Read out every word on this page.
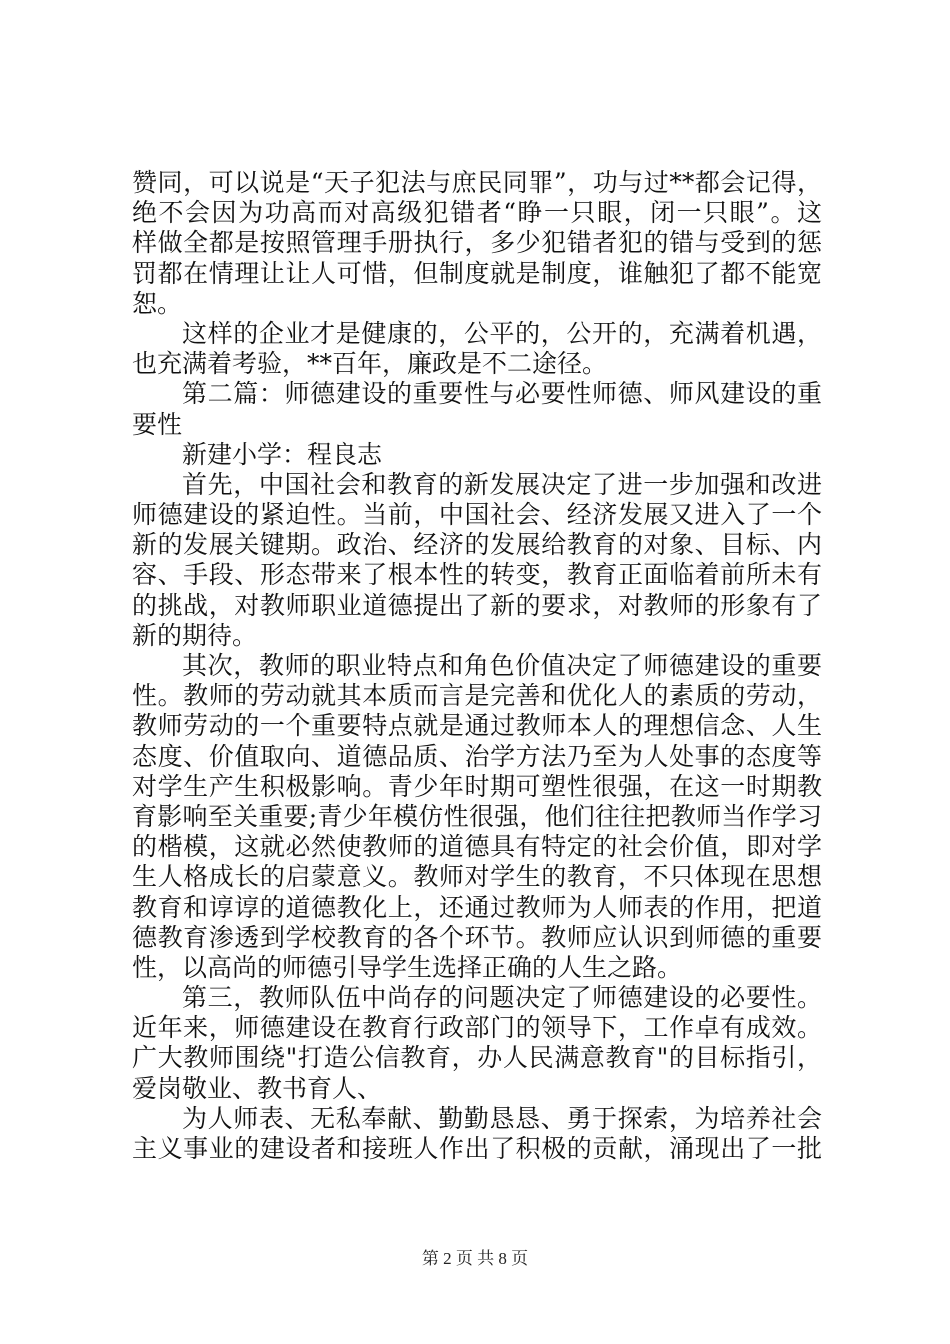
赞同，可以说是“天子犯法与庶民同罪”，功与过**都会记得，
绝不会因为功高而对高级犯错者“睁一只眼，闭一只眼”。这
样做全都是按照管理手册执行，多少犯错者犯的错与受到的惩
罚都在情理让让人可惜，但制度就是制度，谁触犯了都不能宽
恕。
这样的企业才是健康的，公平的，公开的，充满着机遇，
也充满着考验，**百年，廉政是不二途径。
第二篇：师德建设的重要性与必要性师德、师风建设的重
要性
新建小学：程良志
首先，中国社会和教育的新发展决定了进一步加强和改进
师德建设的紧迫性。当前，中国社会、经济发展又进入了一个
新的发展关键期。政治、经济的发展给教育的对象、目标、内
容、手段、形态带来了根本性的转变，教育正面临着前所未有
的挑战，对教师职业道德提出了新的要求，对教师的形象有了
新的期待。
其次，教师的职业特点和角色价值决定了师德建设的重要
性。教师的劳动就其本质而言是完善和优化人的素质的劳动，
教师劳动的一个重要特点就是通过教师本人的理想信念、人生
态度、价值取向、道德品质、治学方法乃至为人处事的态度等
对学生产生积极影响。青少年时期可塑性很强，在这一时期教
育影响至关重要;青少年模仿性很强，他们往往把教师当作学习
的楷模，这就必然使教师的道德具有特定的社会价值，即对学
生人格成长的启蒙意义。教师对学生的教育，不只体现在思想
教育和谆谆的道德教化上，还通过教师为人师表的作用，把道
德教育渗透到学校教育的各个环节。教师应认识到师德的重要
性，以高尚的师德引导学生选择正确的人生之路。
第三，教师队伍中尚存的问题决定了师德建设的必要性。
近年来，师德建设在教育行政部门的领导下，工作卓有成效。
广大教师围绕"打造公信教育，办人民满意教育"的目标指引，
爱岗敬业、教书育人、
为人师表、无私奉献、勤勤恳恳、勇于探索，为培养社会
主义事业的建设者和接班人作出了积极的贡献，涌现出了一批
第 2 页 共 8 页
